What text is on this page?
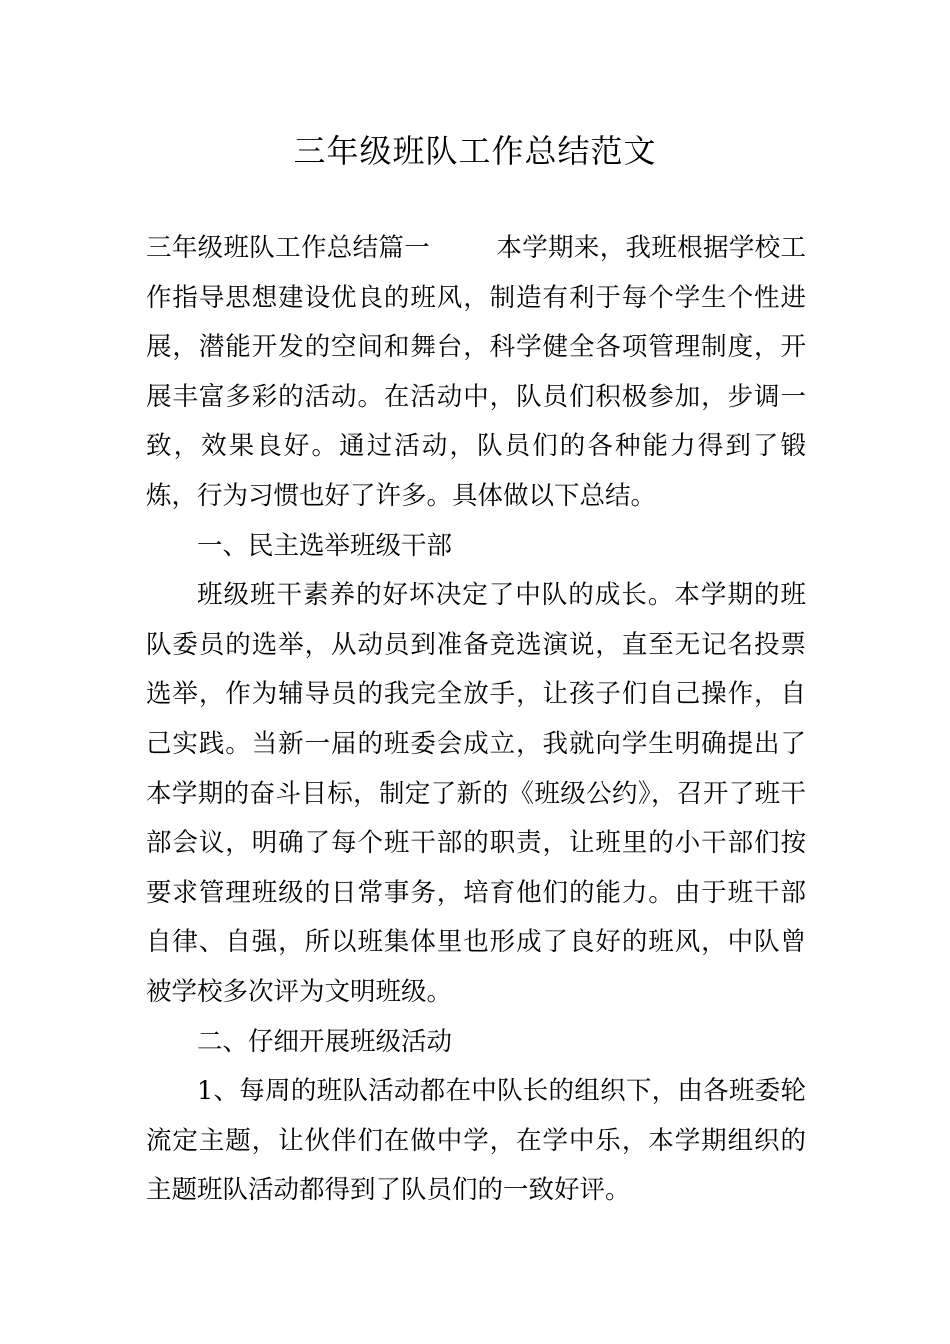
三年级班队工作总结范文

三年级班队工作总结篇一	本学期来，我班根据学校工作指导思想建设优良的班风，制造有利于每个学生个性进展，潜能开发的空间和舞台，科学健全各项管理制度，开展丰富多彩的活动。在活动中，队员们积极参加，步调一致，效果良好。通过活动，队员们的各种能力得到了锻炼，行为习惯也好了许多。具体做以下总结。

一、民主选举班级干部

班级班干素养的好坏决定了中队的成长。本学期的班队委员的选举，从动员到准备竞选演说，直至无记名投票选举，作为辅导员的我完全放手，让孩子们自己操作，自己实践。当新一届的班委会成立，我就向学生明确提出了本学期的奋斗目标，制定了新的《班级公约》，召开了班干部会议，明确了每个班干部的职责，让班里的小干部们按要求管理班级的日常事务，培育他们的能力。由于班干部自律、自强，所以班集体里也形成了良好的班风，中队曾被学校多次评为文明班级。

二、仔细开展班级活动

1、每周的班队活动都在中队长的组织下，由各班委轮流定主题，让伙伴们在做中学，在学中乐，本学期组织的主题班队活动都得到了队员们的一致好评。
